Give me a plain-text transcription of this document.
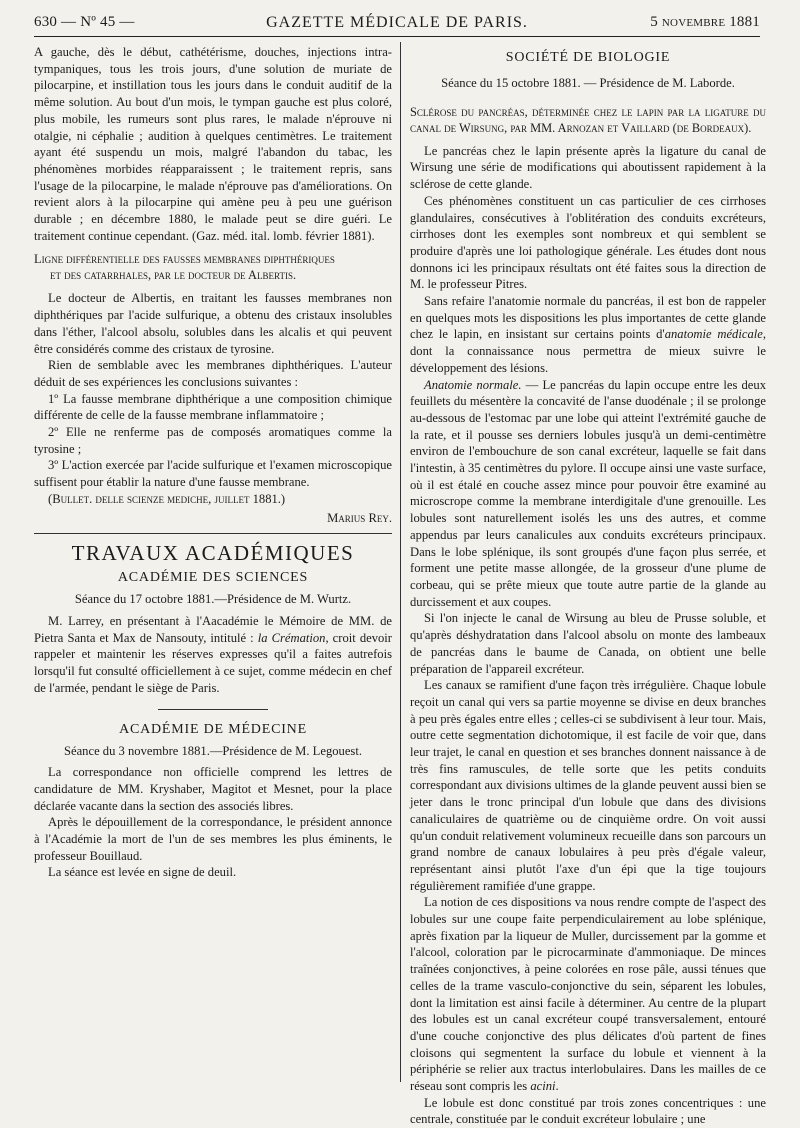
630 — Nº 45 —	GAZETTE MÉDICALE DE PARIS.	5 novembre 1881

A gauche, dès le début, cathétérisme, douches, injections intra-tympaniques, tous les trois jours, d'une solution de muriate de pilocarpine, et instillation tous les jours dans le conduit auditif de la même solution. Au bout d'un mois, le tympan gauche est plus coloré, plus mobile, les rumeurs sont plus rares, le malade n'éprouve ni otalgie, ni céphalie ; audition à quelques centimètres. Le traitement ayant été suspendu un mois, malgré l'abandon du tabac, les phénomènes morbides réapparaissent ; le traitement repris, sans l'usage de la pilocarpine, le malade n'éprouve pas d'améliorations. On revient alors à la pilocarpine qui amène peu à peu une guérison durable ; en décembre 1880, le malade peut se dire guéri. Le traitement continue cependant. (Gaz. méd. ital. lomb. février 1881).

Ligne différentielle des fausses membranes diphthériques
et des catarrhales, par le docteur de Albertis.

Le docteur de Albertis, en traitant les fausses membranes non diphthériques par l'acide sulfurique, a obtenu des cristaux insolubles dans l'éther, l'alcool absolu, solubles dans les alcalis et qui peuvent être considérés comme des cristaux de tyrosine.

Rien de semblable avec les membranes diphthériques. L'auteur déduit de ses expériences les conclusions suivantes :

1º La fausse membrane diphthérique a une composition chimique différente de celle de la fausse membrane inflammatoire ;

2º Elle ne renferme pas de composés aromatiques comme la tyrosine ;

3º L'action exercée par l'acide sulfurique et l'examen microscopique suffisent pour établir la nature d'une fausse membrane.

(Bullet. delle scienze mediche, juillet 1881.)

Marius Rey.

TRAVAUX ACADÉMIQUES
ACADÉMIE DES SCIENCES

Séance du 17 octobre 1881.—Présidence de M. Wurtz.

M. Larrey, en présentant à l'Aacadémie le Mémoire de MM. de Pietra Santa et Max de Nansouty, intitulé : la Crémation, croit devoir rappeler et maintenir les réserves expresses qu'il a faites autrefois lorsqu'il fut consulté officiellement à ce sujet, comme médecin en chef de l'armée, pendant le siège de Paris.

ACADÉMIE DE MÉDECINE

Séance du 3 novembre 1881.—Présidence de M. Legouest.

La correspondance non officielle comprend les lettres de candidature de MM. Kryshaber, Magitot et Mesnet, pour la place déclarée vacante dans la section des associés libres.

Après le dépouillement de la correspondance, le président annonce à l'Académie la mort de l'un de ses membres les plus éminents, le professeur Bouillaud.

La séance est levée en signe de deuil.

SOCIÉTÉ DE BIOLOGIE

Séance du 15 octobre 1881. — Présidence de M. Laborde.

Sclérose du pancréas, déterminée chez le lapin par la ligature du canal de Wirsung, par MM. Arnozan et Vaillard (de Bordeaux).

Le pancréas chez le lapin présente après la ligature du canal de Wirsung une série de modifications qui aboutissent rapidement à la sclérose de cette glande.

Ces phénomènes constituent un cas particulier de ces cirrhoses glandulaires, consécutives à l'oblitération des conduits excréteurs, cirrhoses dont les exemples sont nombreux et qui semblent se produire d'après une loi pathologique générale. Les études dont nous donnons ici les principaux résultats ont été faites sous la direction de M. le professeur Pitres.

Sans refaire l'anatomie normale du pancréas, il est bon de rappeler en quelques mots les dispositions les plus importantes de cette glande chez le lapin, en insistant sur certains points d'anatomie médicale, dont la connaissance nous permettra de mieux suivre le développement des lésions.

Anatomie normale. — Le pancréas du lapin occupe entre les deux feuillets du mésentère la concavité de l'anse duodénale ; il se prolonge au-dessous de l'estomac par une lobe qui atteint l'extrémité gauche de la rate, et il pousse ses derniers lobules jusqu'à un demi-centimètre environ de l'embouchure de son canal excréteur, laquelle se fait dans l'intestin, à 35 centimètres du pylore. Il occupe ainsi une vaste surface, où il est étalé en couche assez mince pour pouvoir être examiné au microscrope comme la membrane interdigitale d'une grenouille. Les lobules sont naturellement isolés les uns des autres, et comme appendus par leurs canalicules aux conduits excréteurs principaux. Dans le lobe splénique, ils sont groupés d'une façon plus serrée, et forment une petite masse allongée, de la grosseur d'une plume de corbeau, qui se prête mieux que toute autre partie de la glande au durcissement et aux coupes.

Si l'on injecte le canal de Wirsung au bleu de Prusse soluble, et qu'après déshydratation dans l'alcool absolu on monte des lambeaux de pancréas dans le baume de Canada, on obtient une belle préparation de l'appareil excréteur.

Les canaux se ramifient d'une façon très irrégulière. Chaque lobule reçoit un canal qui vers sa partie moyenne se divise en deux branches à peu près égales entre elles ; celles-ci se subdivisent à leur tour. Mais, outre cette segmentation dichotomique, il est facile de voir que, dans leur trajet, le canal en question et ses branches donnent naissance à de très fins ramuscules, de telle sorte que les petits conduits correspondant aux divisions ultimes de la glande peuvent aussi bien se jeter dans le tronc principal d'un lobule que dans des divisions canaliculaires de quatrième ou de cinquième ordre. On voit aussi qu'un conduit relativement volumineux recueille dans son parcours un grand nombre de canaux lobulaires à peu près d'égale valeur, représentant ainsi plutôt l'axe d'un épi que la tige toujours régulièrement ramifiée d'une grappe.

La notion de ces dispositions va nous rendre compte de l'aspect des lobules sur une coupe faite perpendiculairement au lobe splénique, après fixation par la liqueur de Muller, durcissement par la gomme et l'alcool, coloration par le picrocarminate d'ammoniaque. De minces traînées conjonctives, à peine colorées en rose pâle, aussi ténues que celles de la trame vasculo-conjonctive du sein, séparent les lobules, dont la limitation est ainsi facile à déterminer. Au centre de la plupart des lobules est un canal excréteur coupé transversalement, entouré d'une couche conjonctive des plus délicates d'où partent de fines cloisons qui segmentent la surface du lobule et viennent à la périphérie se relier aux tractus interlobulaires. Dans les mailles de ce réseau sont compris les acini.

Le lobule est donc constitué par trois zones concentriques : une centrale, constituée par le conduit excréteur lobulaire ; une
